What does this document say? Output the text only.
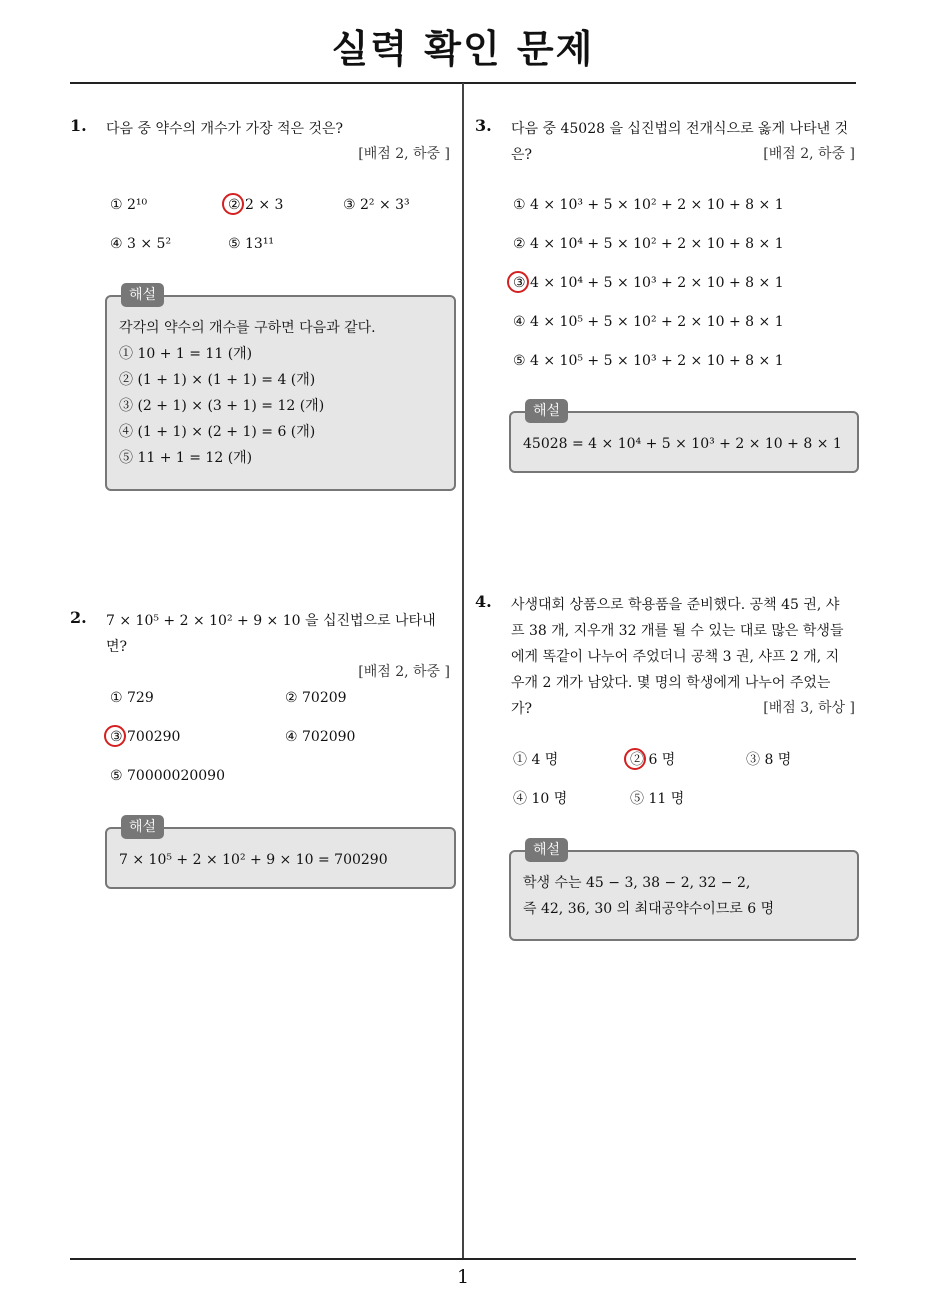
실력 확인 문제
1
1. 다음 중 약수의 개수가 가장 적은 것은?
[배점 2, 하중 ]
① 2¹⁰	② 2 × 3	③ 2² × 3³
④ 3 × 5²	⑤ 13¹¹
해설
각각의 약수의 개수를 구하면 다음과 같다.
① 10 + 1 = 11 (개)
② (1 + 1) × (1 + 1) = 4 (개)
③ (2 + 1) × (3 + 1) = 12 (개)
④ (1 + 1) × (2 + 1) = 6 (개)
⑤ 11 + 1 = 12 (개)
2. 7 × 10⁵ + 2 × 10² + 9 × 10 을 십진법으로 나타내면?
[배점 2, 하중 ]
① 729	② 70209
③ 700290	④ 702090
⑤ 70000020090
해설
7 × 10⁵ + 2 × 10² + 9 × 10 = 700290
3. 다음 중 45028 을 십진법의 전개식으로 옳게 나타낸 것은?	[배점 2, 하중 ]
① 4 × 10³ + 5 × 10² + 2 × 10 + 8 × 1
② 4 × 10⁴ + 5 × 10² + 2 × 10 + 8 × 1
③ 4 × 10⁴ + 5 × 10³ + 2 × 10 + 8 × 1
④ 4 × 10⁵ + 5 × 10² + 2 × 10 + 8 × 1
⑤ 4 × 10⁵ + 5 × 10³ + 2 × 10 + 8 × 1
해설
45028 = 4 × 10⁴ + 5 × 10³ + 2 × 10 + 8 × 1
4. 사생대회 상품으로 학용품을 준비했다. 공책 45 권, 샤프 38 개, 지우개 32 개를 될 수 있는 대로 많은 학생들에게 똑같이 나누어 주었더니 공책 3 권, 샤프 2 개, 지우개 2 개가 남았다. 몇 명의 학생에게 나누어 주었는가?	[배점 3, 하상 ]
① 4 명	② 6 명	③ 8 명
④ 10 명	⑤ 11 명
해설
학생 수는 45 − 3, 38 − 2, 32 − 2,
즉 42, 36, 30 의 최대공약수이므로 6 명
